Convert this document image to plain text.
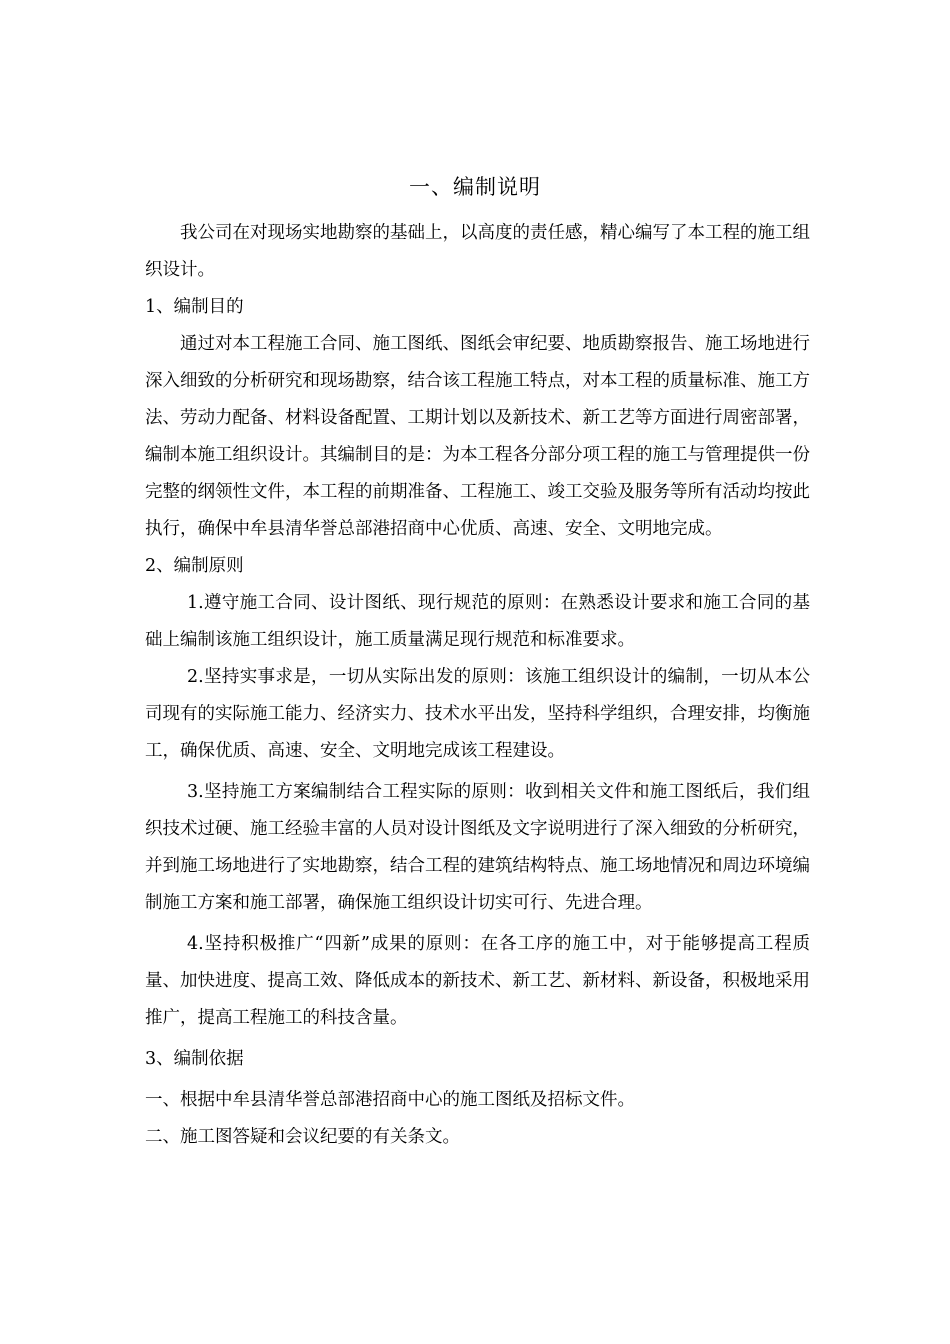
一、编制说明

我公司在对现场实地勘察的基础上，以高度的责任感，精心编写了本工程的施工组织设计。

1、编制目的

通过对本工程施工合同、施工图纸、图纸会审纪要、地质勘察报告、施工场地进行深入细致的分析研究和现场勘察，结合该工程施工特点，对本工程的质量标准、施工方法、劳动力配备、材料设备配置、工期计划以及新技术、新工艺等方面进行周密部署，编制本施工组织设计。其编制目的是：为本工程各分部分项工程的施工与管理提供一份完整的纲领性文件，本工程的前期准备、工程施工、竣工交验及服务等所有活动均按此执行，确保中牟县清华誉总部港招商中心优质、高速、安全、文明地完成。

2、编制原则

1.遵守施工合同、设计图纸、现行规范的原则：在熟悉设计要求和施工合同的基础上编制该施工组织设计，施工质量满足现行规范和标准要求。

2.坚持实事求是，一切从实际出发的原则：该施工组织设计的编制，一切从本公司现有的实际施工能力、经济实力、技术水平出发，坚持科学组织，合理安排，均衡施工，确保优质、高速、安全、文明地完成该工程建设。

3.坚持施工方案编制结合工程实际的原则：收到相关文件和施工图纸后，我们组织技术过硬、施工经验丰富的人员对设计图纸及文字说明进行了深入细致的分析研究，并到施工场地进行了实地勘察，结合工程的建筑结构特点、施工场地情况和周边环境编制施工方案和施工部署，确保施工组织设计切实可行、先进合理。

4.坚持积极推广“四新”成果的原则：在各工序的施工中，对于能够提高工程质量、加快进度、提高工效、降低成本的新技术、新工艺、新材料、新设备，积极地采用推广，提高工程施工的科技含量。

3、编制依据

一、根据中牟县清华誉总部港招商中心的施工图纸及招标文件。

二、施工图答疑和会议纪要的有关条文。
